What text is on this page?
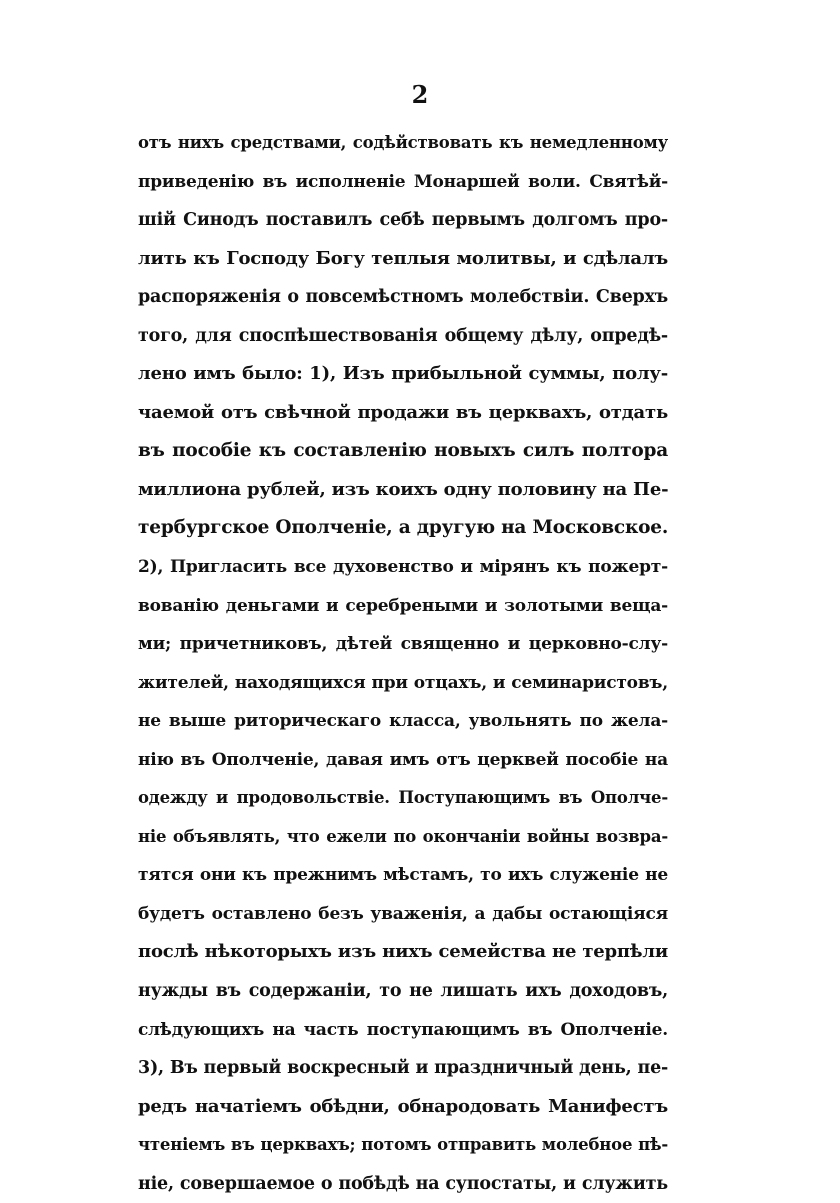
2
отъ нихъ средствами, содѣйствовать къ немедленному
приведенію въ исполненіе Монаршей воли. Святѣй-
шій Синодъ поставилъ себѣ первымъ долгомъ про-
лить къ Господу Богу теплыя молитвы, и сдѣлалъ
распоряженія о повсемѣстномъ молебствіи. Сверхъ
того, для споспѣшествованія общему дѣлу, опредѣ-
лено имъ было: 1), Изъ прибыльной суммы, полу-
чаемой отъ свѣчной продажи въ церквахъ, отдать
въ пособіе къ составленію новыхъ силъ полтора
миллиона рублей, изъ коихъ одну половину на Пе-
тербургское Ополченіе, а другую на Московское.
2), Пригласить все духовенство и мірянъ къ пожерт-
вованію деньгами и серебреными и золотыми веща-
ми; причетниковъ, дѣтей священно и церковно-слу-
жителей, находящихся при отцахъ, и семинаристовъ,
не выше риторическаго класса, увольнять по жела-
нію въ Ополченіе, давая имъ отъ церквей пособіе на
одежду и продовольствіе. Поступающимъ въ Ополче-
ніе объявлять, что ежели по окончаніи войны возвра-
тятся они къ прежнимъ мѣстамъ, то ихъ служеніе не
будетъ оставлено безъ уваженія, а дабы остающіяся
послѣ нѣкоторыхъ изъ нихъ семейства не терпѣли
нужды въ содержаніи, то не лишать ихъ доходовъ,
слѣдующихъ на часть поступающимъ въ Ополченіе.
3), Въ первый воскресный и праздничный день, пе-
редъ начатіемъ обѣдни, обнародовать Манифестъ
чтеніемъ въ церквахъ; потомъ отправить молебное пѣ-
ніе, совершаемое о побѣдѣ на супостаты, и служить
